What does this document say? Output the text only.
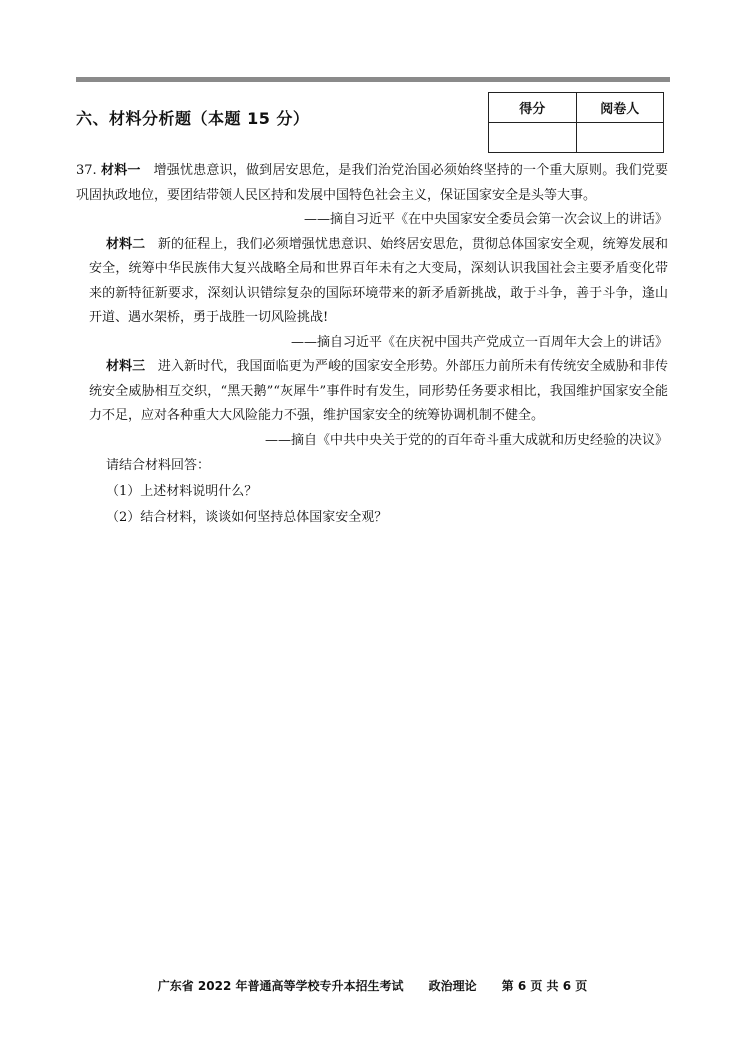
六、材料分析题（本题 15 分）	得分	阅卷人

37. 材料一 增强忧患意识，做到居安思危，是我们治党治国必须始终坚持的一个重大原则。我们党要巩固执政地位，要团结带领人民区持和发展中国特色社会主义，保证国家安全是头等大事。

——摘自习近平《在中央国家安全委员会第一次会议上的讲话》

材料二 新的征程上，我们必须增强忧患意识、始终居安思危，贯彻总体国家安全观，统筹发展和安全，统筹中华民族伟大复兴战略全局和世界百年未有之大变局，深刻认识我国社会主要矛盾变化带来的新特征新要求，深刻认识错综复杂的国际环境带来的新矛盾新挑战，敢于斗争，善于斗争，逢山开道、遇水架桥，勇于战胜一切风险挑战!

——摘自习近平《在庆祝中国共产党成立一百周年大会上的讲话》

材料三 进入新时代，我国面临更为严峻的国家安全形势。外部压力前所未有传统安全威胁和非传统安全威胁相互交织，“黑天鹅”“灰犀牛”事件时有发生，同形势任务要求相比，我国维护国家安全能力不足，应对各种重大大风险能力不强，维护国家安全的统筹协调机制不健全。

——摘自《中共中央关于党的的百年奇斗重大成就和历史经验的决议》

请结合材料回答：

（1）上述材料说明什么？

（2）结合材料，谈谈如何坚持总体国家安全观？

广东省 2022 年普通高等学校专升本招生考试      政治理论      第 6 页 共 6 页
